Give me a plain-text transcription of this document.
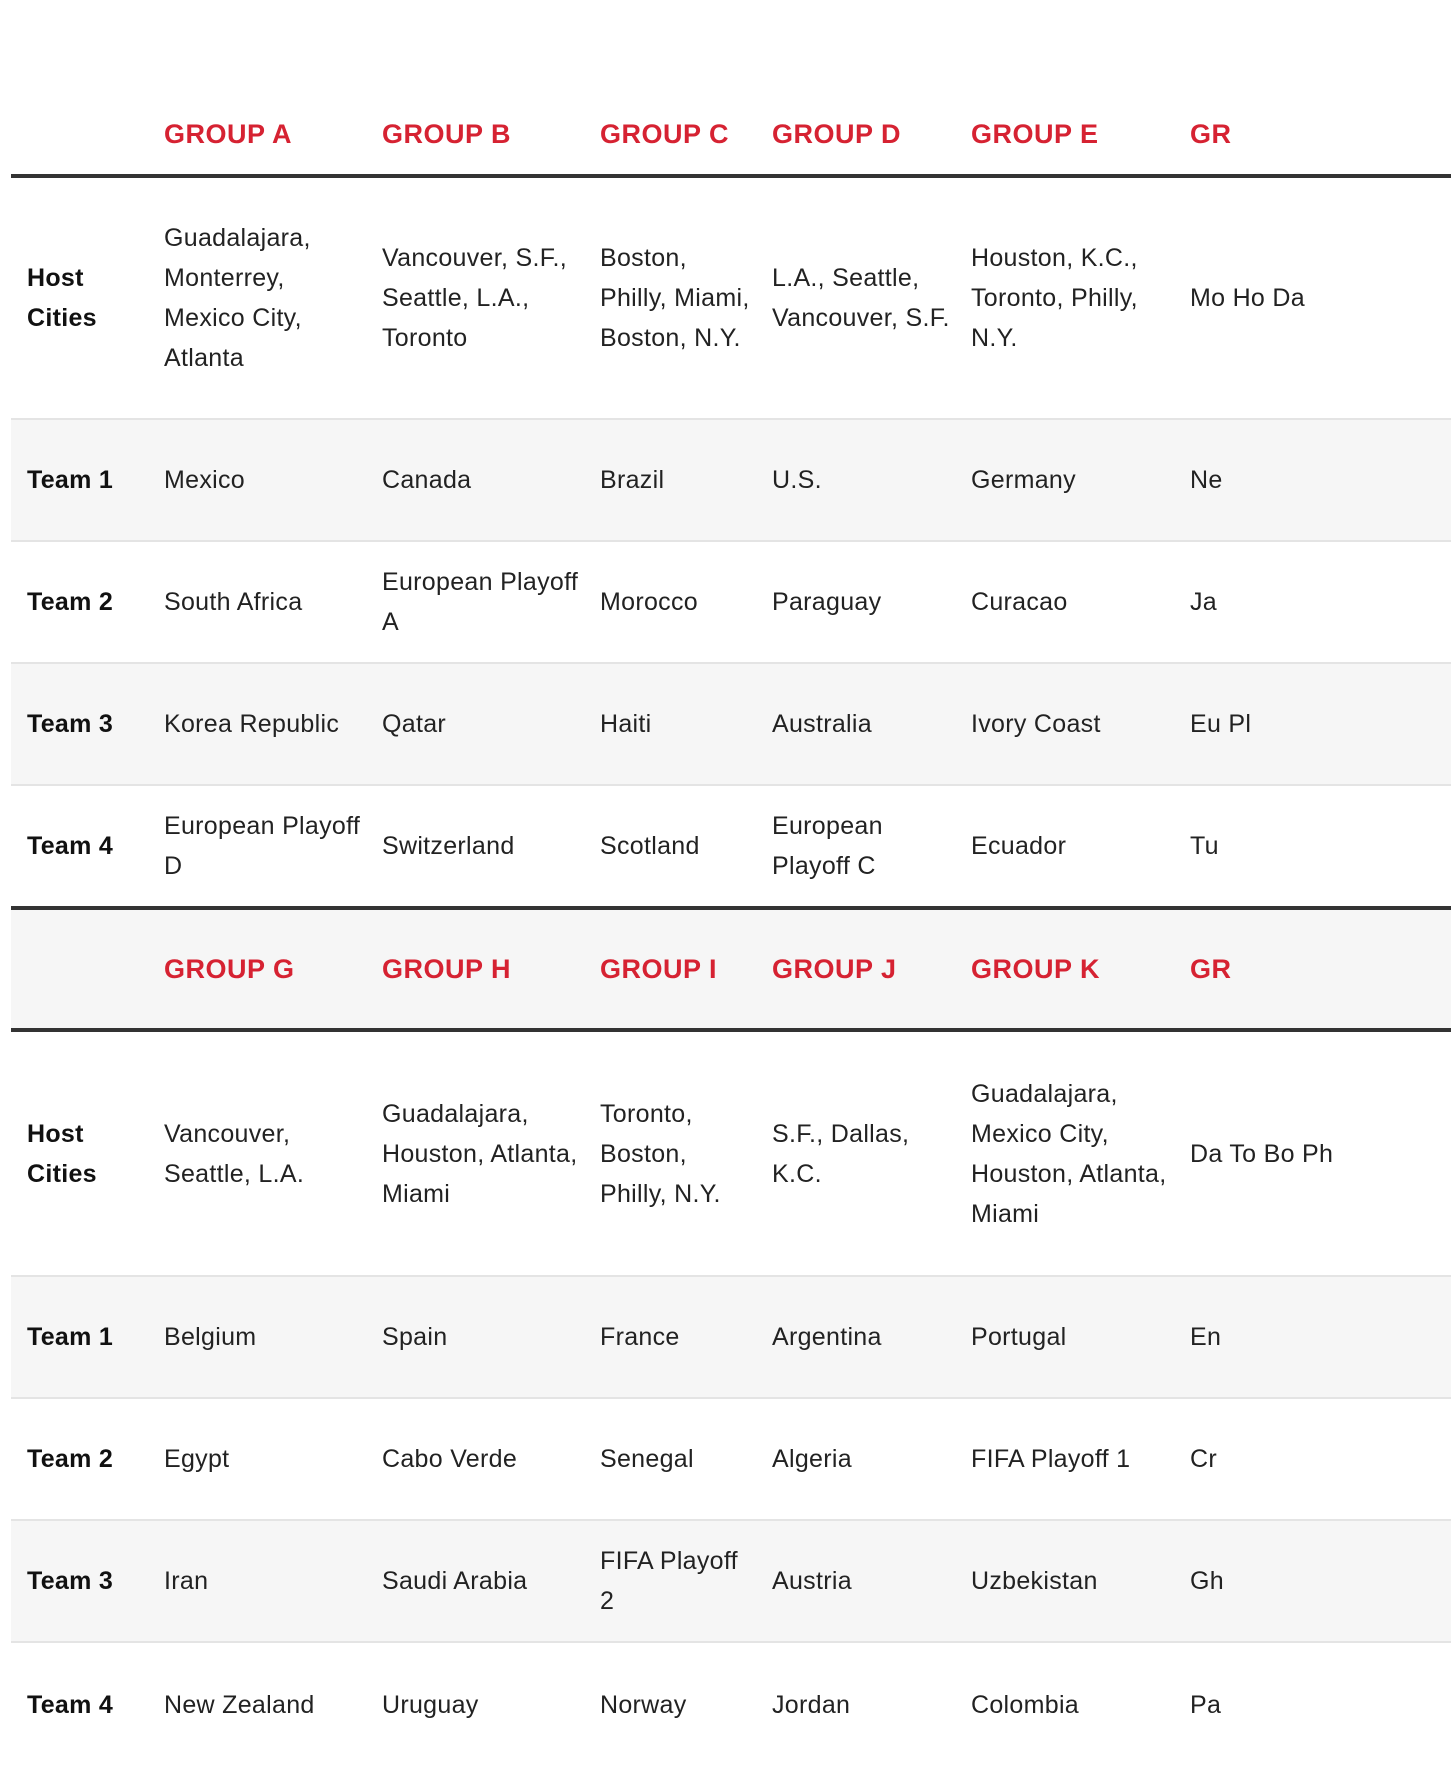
	GROUP A	GROUP B	GROUP C	GROUP D	GROUP E	GR
Host Cities	Guadalajara, Monterrey, Mexico City, Atlanta	Vancouver, S.F., Seattle, L.A., Toronto	Boston, Philly, Miami, Boston, N.Y.	L.A., Seattle, Vancouver, S.F.	Houston, K.C., Toronto, Philly, N.Y.	Mo Ho Da
Team 1	Mexico	Canada	Brazil	U.S.	Germany	Ne
Team 2	South Africa	European Playoff A	Morocco	Paraguay	Curacao	Ja
Team 3	Korea Republic	Qatar	Haiti	Australia	Ivory Coast	Eu Pl
Team 4	European Playoff D	Switzerland	Scotland	European Playoff C	Ecuador	Tu
	GROUP G	GROUP H	GROUP I	GROUP J	GROUP K	GR
Host Cities	Vancouver, Seattle, L.A.	Guadalajara, Houston, Atlanta, Miami	Toronto, Boston, Philly, N.Y.	S.F., Dallas, K.C.	Guadalajara, Mexico City, Houston, Atlanta, Miami	Da To Bo Ph
Team 1	Belgium	Spain	France	Argentina	Portugal	En
Team 2	Egypt	Cabo Verde	Senegal	Algeria	FIFA Playoff 1	Cr
Team 3	Iran	Saudi Arabia	FIFA Playoff 2	Austria	Uzbekistan	Gh
Team 4	New Zealand	Uruguay	Norway	Jordan	Colombia	Pa
